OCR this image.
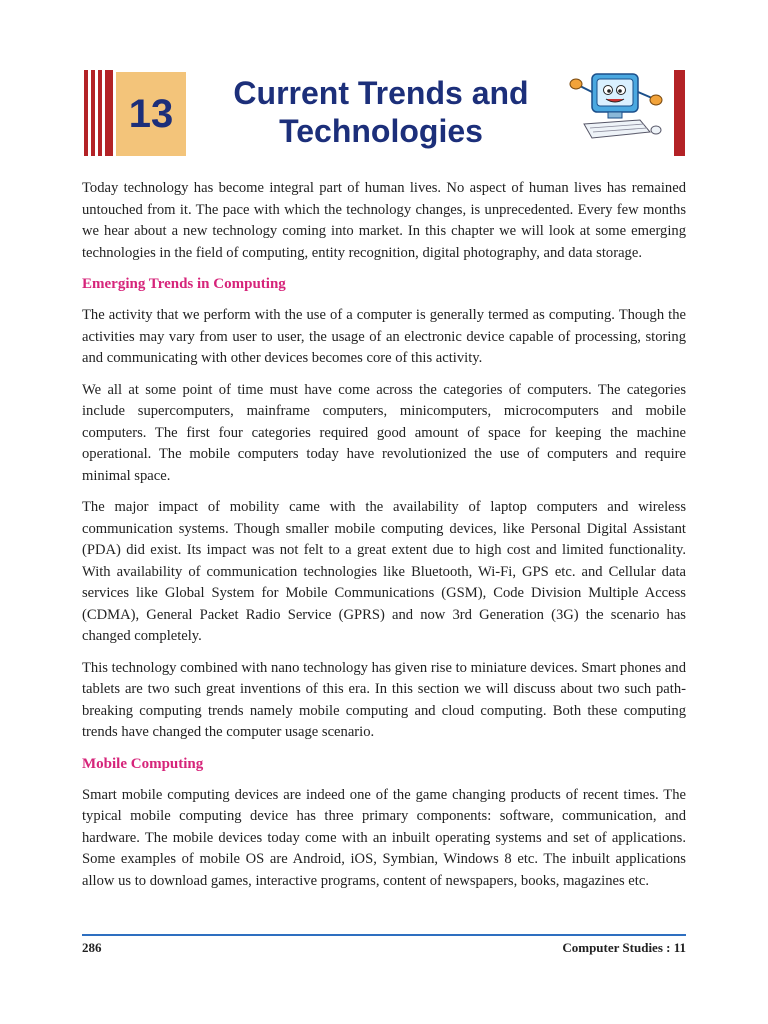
13	Current Trends and
Technologies

Today technology has become integral part of human lives. No aspect of human lives has remained untouched from it. The pace with which the technology changes, is unprecedented. Every few months we hear about a new technology coming into market. In this chapter we will look at some emerging technologies in the field of computing, entity recognition, digital photography, and data storage.

Emerging Trends in Computing

The activity that we perform with the use of a computer is generally termed as computing. Though the activities may vary from user to user, the usage of an electronic device capable of processing, storing and communicating with other devices becomes core of this activity.

We all at some point of time must have come across the categories of computers. The categories include supercomputers, mainframe computers, minicomputers, microcomputers and mobile computers. The first four categories required good amount of space for keeping the machine operational. The mobile computers today have revolutionized the use of computers and require minimal space.

The major impact of mobility came with the availability of laptop computers and wireless communication systems. Though smaller mobile computing devices, like Personal Digital Assistant (PDA) did exist. Its impact was not felt to a great extent due to high cost and limited functionality. With availability of communication technologies like Bluetooth, Wi-Fi, GPS etc. and Cellular data services like Global System for Mobile Communications (GSM), Code Division Multiple Access (CDMA), General Packet Radio Service (GPRS) and now 3rd Generation (3G) the scenario has changed completely.

This technology combined with nano technology has given rise to miniature devices. Smart phones and tablets are two such great inventions of this era. In this section we will discuss about two such path-breaking computing trends namely mobile computing and cloud computing. Both these computing trends have changed the computer usage scenario.

Mobile Computing

Smart mobile computing devices are indeed one of the game changing products of recent times. The typical mobile computing device has three primary components: software, communication, and hardware. The mobile devices today come with an inbuilt operating systems and set of applications. Some examples of mobile OS are Android, iOS, Symbian, Windows 8 etc. The inbuilt applications allow us to download games, interactive programs, content of newspapers, books, magazines etc.

286	Computer Studies : 11
